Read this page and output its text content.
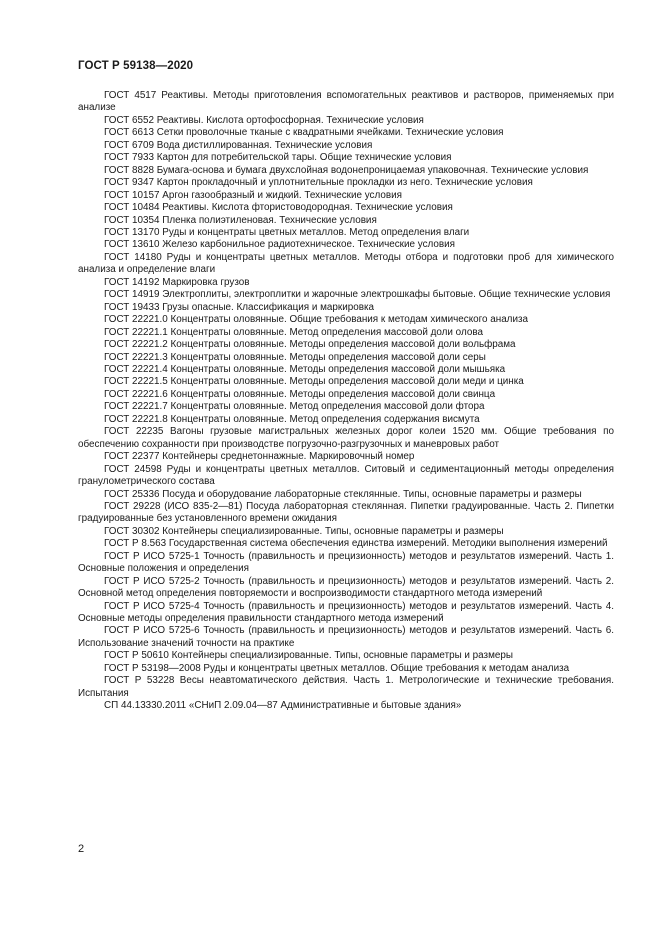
ГОСТ Р 59138—2020

ГОСТ 4517 Реактивы. Методы приготовления вспомогательных реактивов и растворов, применяемых при анализе

ГОСТ 6552 Реактивы. Кислота ортофосфорная. Технические условия

ГОСТ 6613 Сетки проволочные тканые с квадратными ячейками. Технические условия

ГОСТ 6709 Вода дистиллированная. Технические условия

ГОСТ 7933 Картон для потребительской тары. Общие технические условия

ГОСТ 8828 Бумага-основа и бумага двухслойная водонепроницаемая упаковочная. Технические условия

ГОСТ 9347 Картон прокладочный и уплотнительные прокладки из него. Технические условия

ГОСТ 10157 Аргон газообразный и жидкий. Технические условия

ГОСТ 10484 Реактивы. Кислота фтористоводородная. Технические условия

ГОСТ 10354 Пленка полиэтиленовая. Технические условия

ГОСТ 13170 Руды и концентраты цветных металлов. Метод определения влаги

ГОСТ 13610 Железо карбонильное радиотехническое. Технические условия

ГОСТ 14180 Руды и концентраты цветных металлов. Методы отбора и подготовки проб для химического анализа и определение влаги

ГОСТ 14192 Маркировка грузов

ГОСТ 14919 Электроплиты, электроплитки и жарочные электрошкафы бытовые. Общие технические условия

ГОСТ 19433 Грузы опасные. Классификация и маркировка

ГОСТ 22221.0 Концентраты оловянные. Общие требования к методам химического анализа

ГОСТ 22221.1 Концентраты оловянные. Метод определения массовой доли олова

ГОСТ 22221.2 Концентраты оловянные. Методы определения массовой доли вольфрама

ГОСТ 22221.3 Концентраты оловянные. Методы определения массовой доли серы

ГОСТ 22221.4 Концентраты оловянные. Методы определения массовой доли мышьяка

ГОСТ 22221.5 Концентраты оловянные. Методы определения массовой доли меди и цинка

ГОСТ 22221.6 Концентраты оловянные. Методы определения массовой доли свинца

ГОСТ 22221.7 Концентраты оловянные. Метод определения массовой доли фтора

ГОСТ 22221.8 Концентраты оловянные. Метод определения содержания висмута

ГОСТ 22235 Вагоны грузовые магистральных железных дорог колеи 1520 мм. Общие требования по обеспечению сохранности при производстве погрузочно-разгрузочных и маневровых работ

ГОСТ 22377 Контейнеры среднетоннажные. Маркировочный номер

ГОСТ 24598 Руды и концентраты цветных металлов. Ситовый и седиментационный методы определения гранулометрического состава

ГОСТ 25336 Посуда и оборудование лабораторные стеклянные. Типы, основные параметры и размеры

ГОСТ 29228 (ИСО 835-2—81) Посуда лабораторная стеклянная. Пипетки градуированные. Часть 2. Пипетки градуированные без установленного времени ожидания

ГОСТ 30302 Контейнеры специализированные. Типы, основные параметры и размеры

ГОСТ Р 8.563 Государственная система обеспечения единства измерений. Методики выполнения измерений

ГОСТ Р ИСО 5725-1 Точность (правильность и прецизионность) методов и результатов измерений. Часть 1. Основные положения и определения

ГОСТ Р ИСО 5725-2 Точность (правильность и прецизионность) методов и результатов измерений. Часть 2. Основной метод определения повторяемости и воспроизводимости стандартного метода измерений

ГОСТ Р ИСО 5725-4 Точность (правильность и прецизионность) методов и результатов измерений. Часть 4. Основные методы определения правильности стандартного метода измерений

ГОСТ Р ИСО 5725-6 Точность (правильность и прецизионность) методов и результатов измерений. Часть 6. Использование значений точности на практике

ГОСТ Р 50610 Контейнеры специализированные. Типы, основные параметры и размеры

ГОСТ Р 53198—2008 Руды и концентраты цветных металлов. Общие требования к методам анализа

ГОСТ Р 53228 Весы неавтоматического действия. Часть 1. Метрологические и технические требования. Испытания

СП 44.13330.2011 «СНиП 2.09.04—87 Административные и бытовые здания»

2
